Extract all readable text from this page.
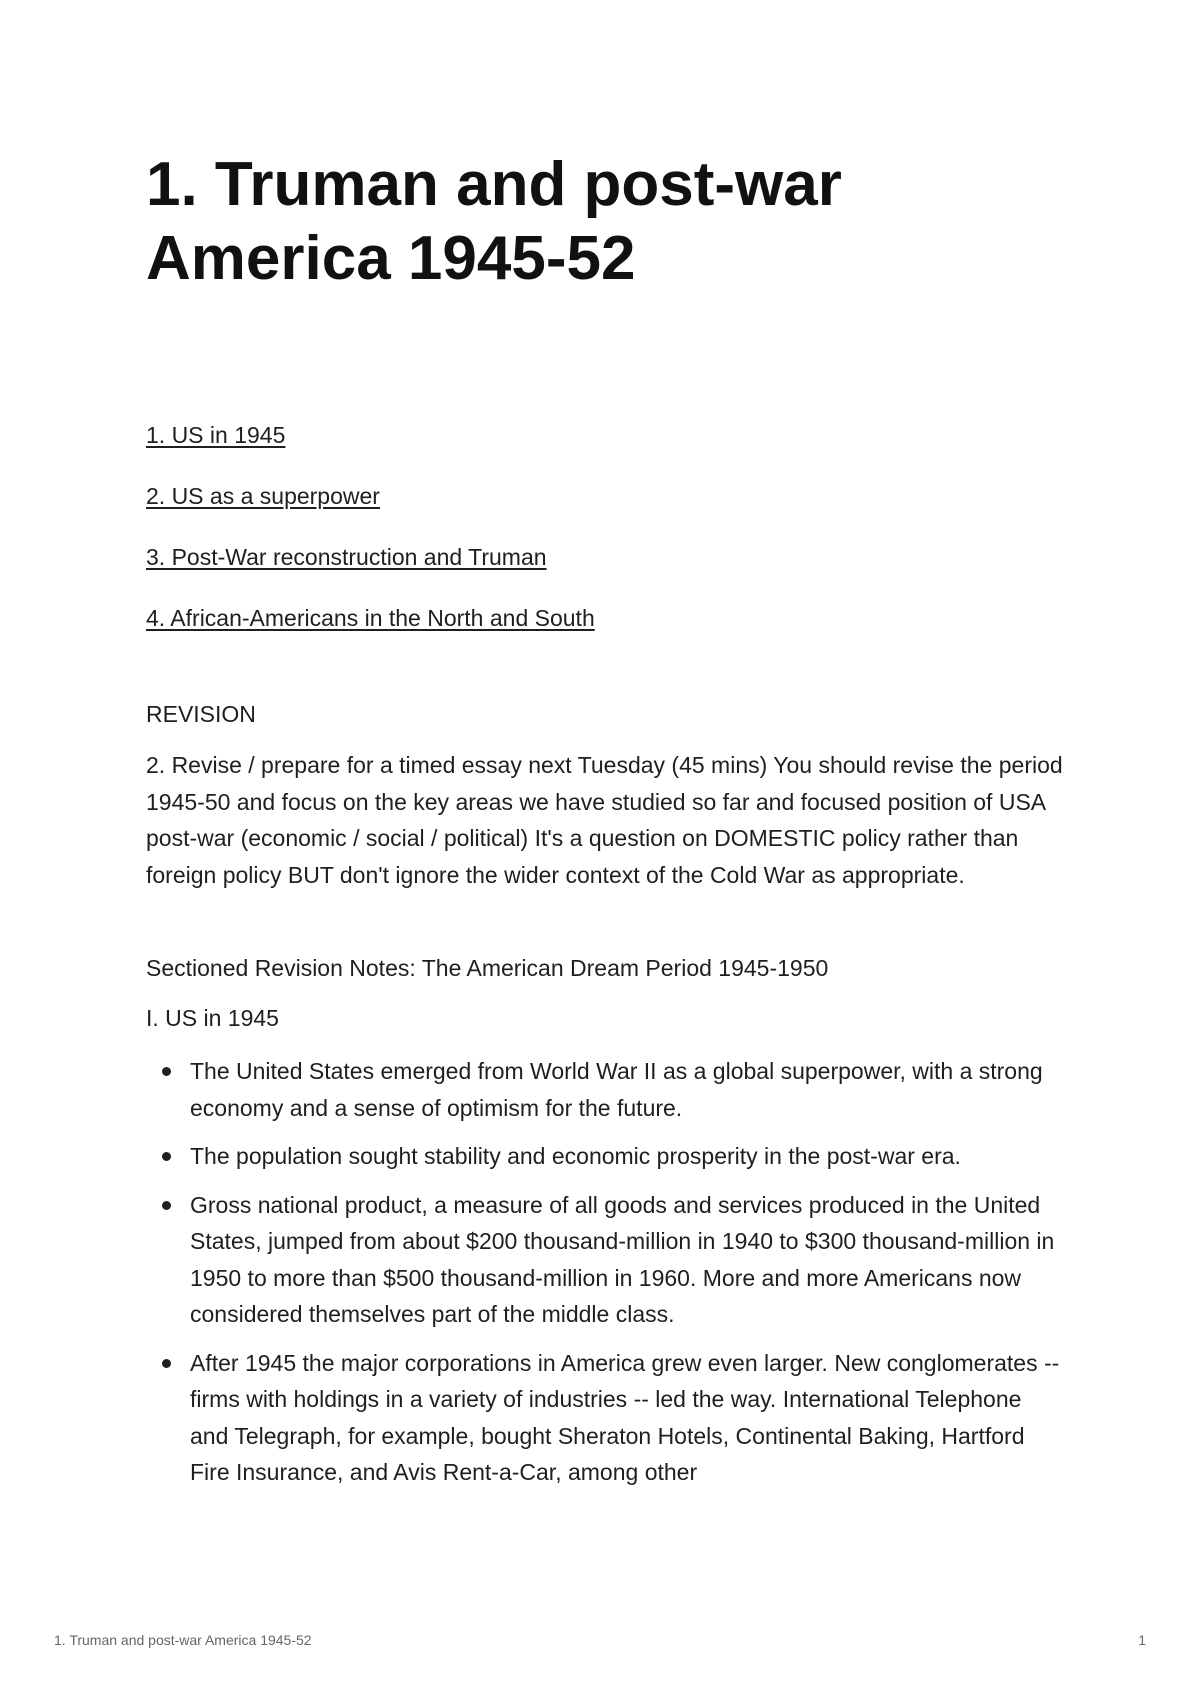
1. Truman and post-war America 1945-52
1. US in 1945
2. US as a superpower
3. Post-War reconstruction and Truman
4. African-Americans in the North and South
REVISION

2. Revise / prepare for a timed essay next Tuesday (45 mins) You should revise the period 1945-50 and focus on the key areas we have studied so far and focused position of USA post-war (economic / social / political) It's a question on DOMESTIC policy rather than foreign policy BUT don't ignore the wider context of the Cold War as appropriate.

Sectioned Revision Notes: The American Dream Period 1945-1950
I. US in 1945
The United States emerged from World War II as a global superpower, with a strong economy and a sense of optimism for the future.
The population sought stability and economic prosperity in the post-war era.
Gross national product, a measure of all goods and services produced in the United States, jumped from about $200 thousand-million in 1940 to $300 thousand-million in 1950 to more than $500 thousand-million in 1960. More and more Americans now considered themselves part of the middle class.
After 1945 the major corporations in America grew even larger. New conglomerates -- firms with holdings in a variety of industries -- led the way. International Telephone and Telegraph, for example, bought Sheraton Hotels, Continental Baking, Hartford Fire Insurance, and Avis Rent-a-Car, among other
1. Truman and post-war America 1945-52	1
